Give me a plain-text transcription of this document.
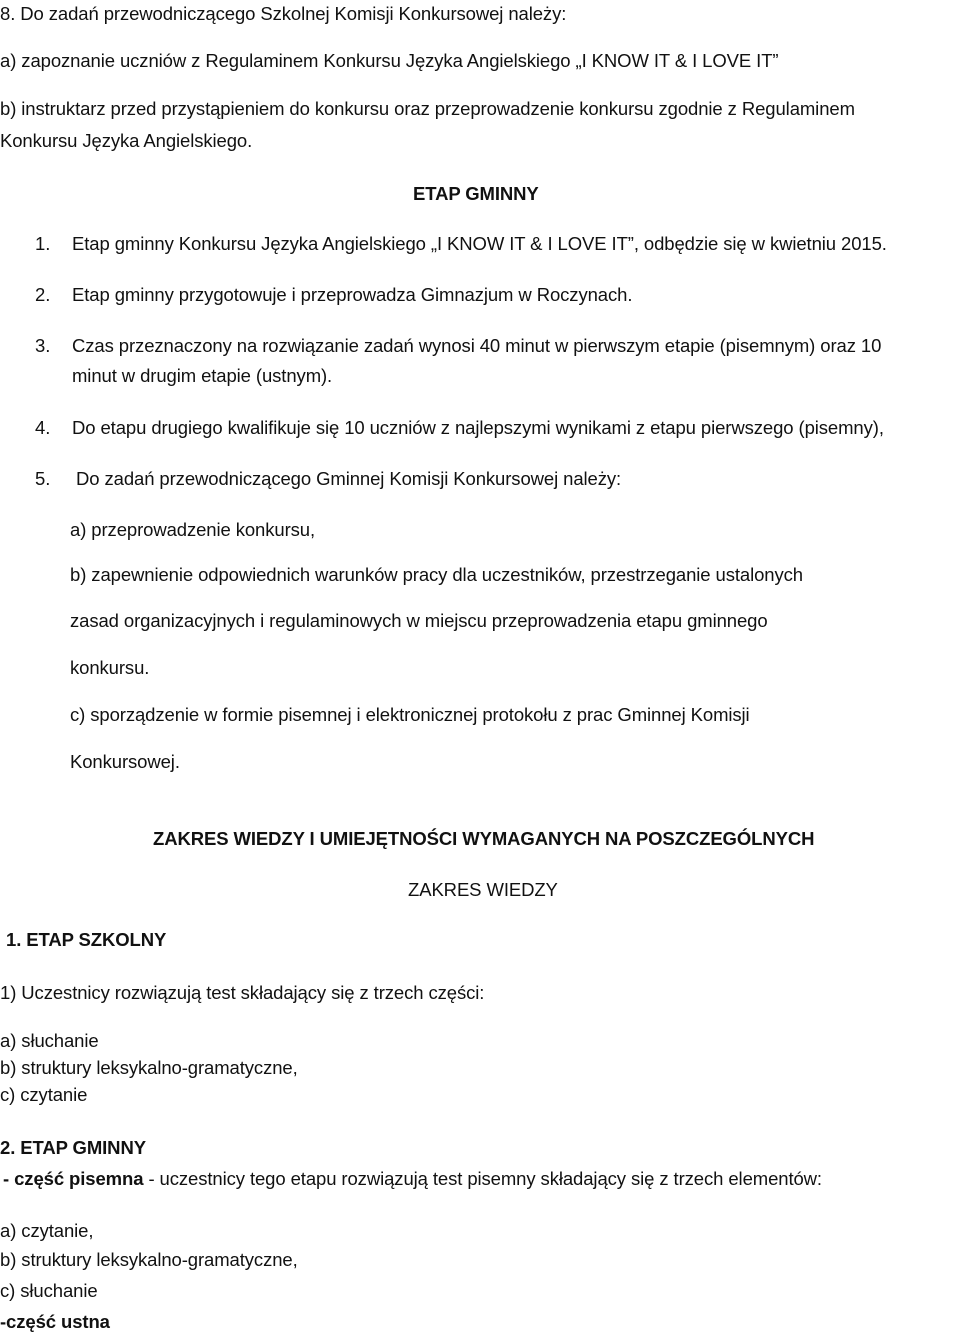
8. Do zadań przewodniczącego Szkolnej Komisji Konkursowej należy:
a) zapoznanie uczniów z Regulaminem Konkursu Języka Angielskiego „I KNOW IT & I LOVE IT”
b) instruktarz przed przystąpieniem do konkursu oraz przeprowadzenie konkursu zgodnie z Regulaminem
Konkursu Języka Angielskiego.
ETAP GMINNY
1. Etap gminny Konkursu Języka Angielskiego „I KNOW IT & I LOVE IT”, odbędzie się w kwietniu 2015.
2. Etap gminny przygotowuje i przeprowadza Gimnazjum w Roczynach.
3. Czas przeznaczony na rozwiązanie zadań wynosi 40 minut w pierwszym etapie (pisemnym) oraz 10
minut w drugim etapie (ustnym).
4. Do etapu drugiego kwalifikuje się 10 uczniów z najlepszymi wynikami z etapu pierwszego (pisemny),
5. Do zadań przewodniczącego Gminnej Komisji Konkursowej należy:
a) przeprowadzenie konkursu,
b) zapewnienie odpowiednich warunków pracy dla uczestników, przestrzeganie ustalonych
zasad organizacyjnych i regulaminowych w miejscu przeprowadzenia etapu gminnego
konkursu.
c) sporządzenie w formie pisemnej i elektronicznej protokołu z prac Gminnej Komisji
Konkursowej.
ZAKRES WIEDZY I UMIEJĘTNOŚCI WYMAGANYCH NA POSZCZEGÓLNYCH
ZAKRES WIEDZY
1. ETAP SZKOLNY
1) Uczestnicy rozwiązują test składający się z trzech części:
a) słuchanie
b) struktury leksykalno-gramatyczne,
c) czytanie
2. ETAP GMINNY
- część pisemna - uczestnicy tego etapu rozwiązują test pisemny składający się z trzech elementów:
a) czytanie,
b) struktury leksykalno-gramatyczne,
c) słuchanie
-część ustna
